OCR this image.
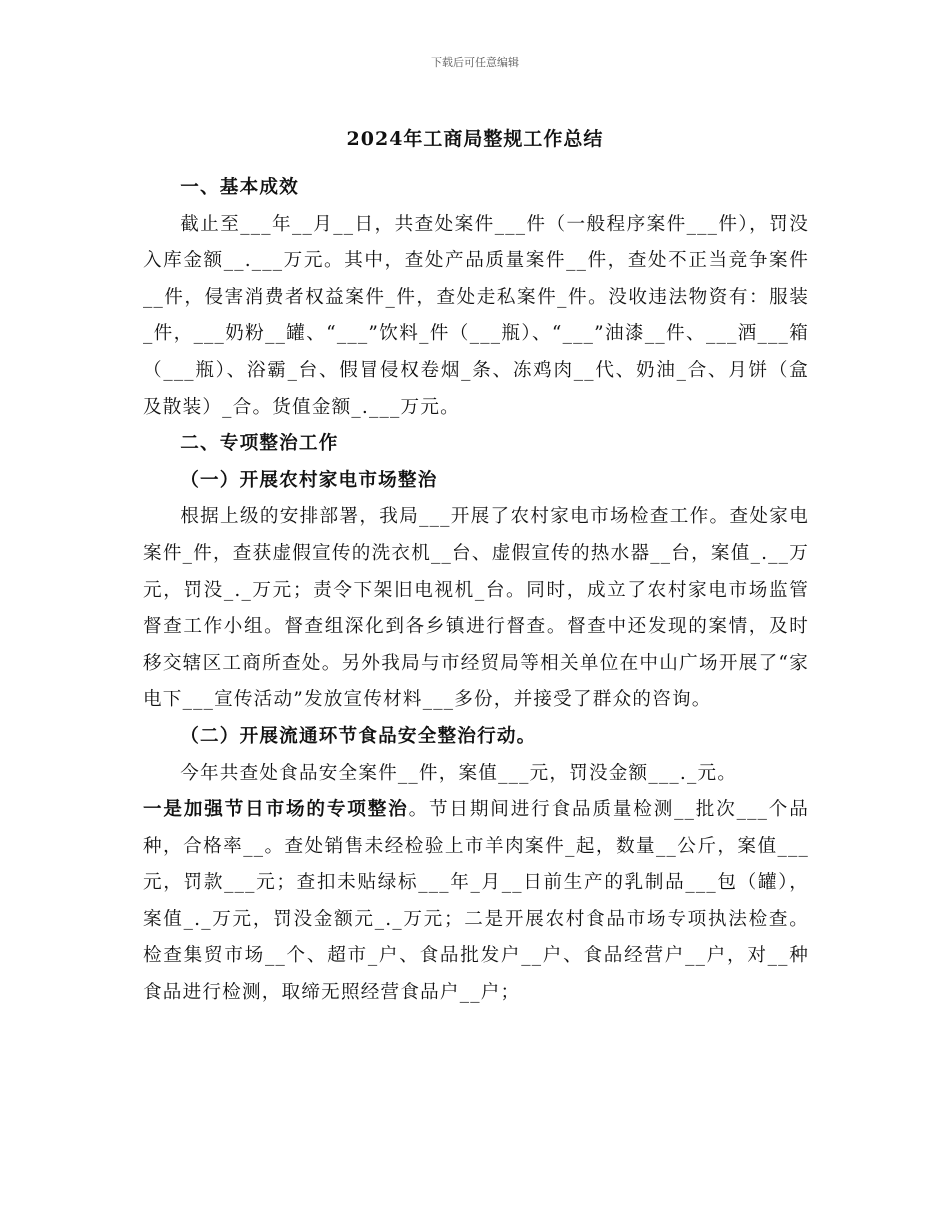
下载后可任意编辑
2024年工商局整规工作总结

一、基本成效

截止至___年__月__日，共查处案件___件（一般程序案件___件），罚没入库金额__.___万元。其中，查处产品质量案件__件，查处不正当竞争案件__件，侵害消费者权益案件_件，查处走私案件_件。没收违法物资有：服装_件，___奶粉__罐、“___”饮料_件（___瓶）、“___”油漆__件、___酒___箱（___瓶）、浴霸_台、假冒侵权卷烟_条、冻鸡肉__代、奶油_合、月饼（盒及散装）_合。货值金额_.___万元。

二、专项整治工作

（一）开展农村家电市场整治

根据上级的安排部署，我局___开展了农村家电市场检查工作。查处家电案件_件，查获虚假宣传的洗衣机__台、虚假宣传的热水器__台，案值_.__万元，罚没_._万元；责令下架旧电视机_台。同时，成立了农村家电市场监管督查工作小组。督查组深化到各乡镇进行督查。督查中还发现的案情，及时移交辖区工商所查处。另外我局与市经贸局等相关单位在中山广场开展了“家电下___宣传活动”发放宣传材料___多份，并接受了群众的咨询。

（二）开展流通环节食品安全整治行动。

今年共查处食品安全案件__件，案值___元，罚没金额___._元。

一是加强节日市场的专项整治。节日期间进行食品质量检测__批次___个品种，合格率__。查处销售未经检验上市羊肉案件_起，数量__公斤，案值___元，罚款___元；查扣未贴绿标___年_月__日前生产的乳制品___包（罐），案值_._万元，罚没金额元_._万元；二是开展农村食品市场专项执法检查。检查集贸市场__个、超市_户、食品批发户__户、食品经营户__户，对__种食品进行检测，取缔无照经营食品户__户；
